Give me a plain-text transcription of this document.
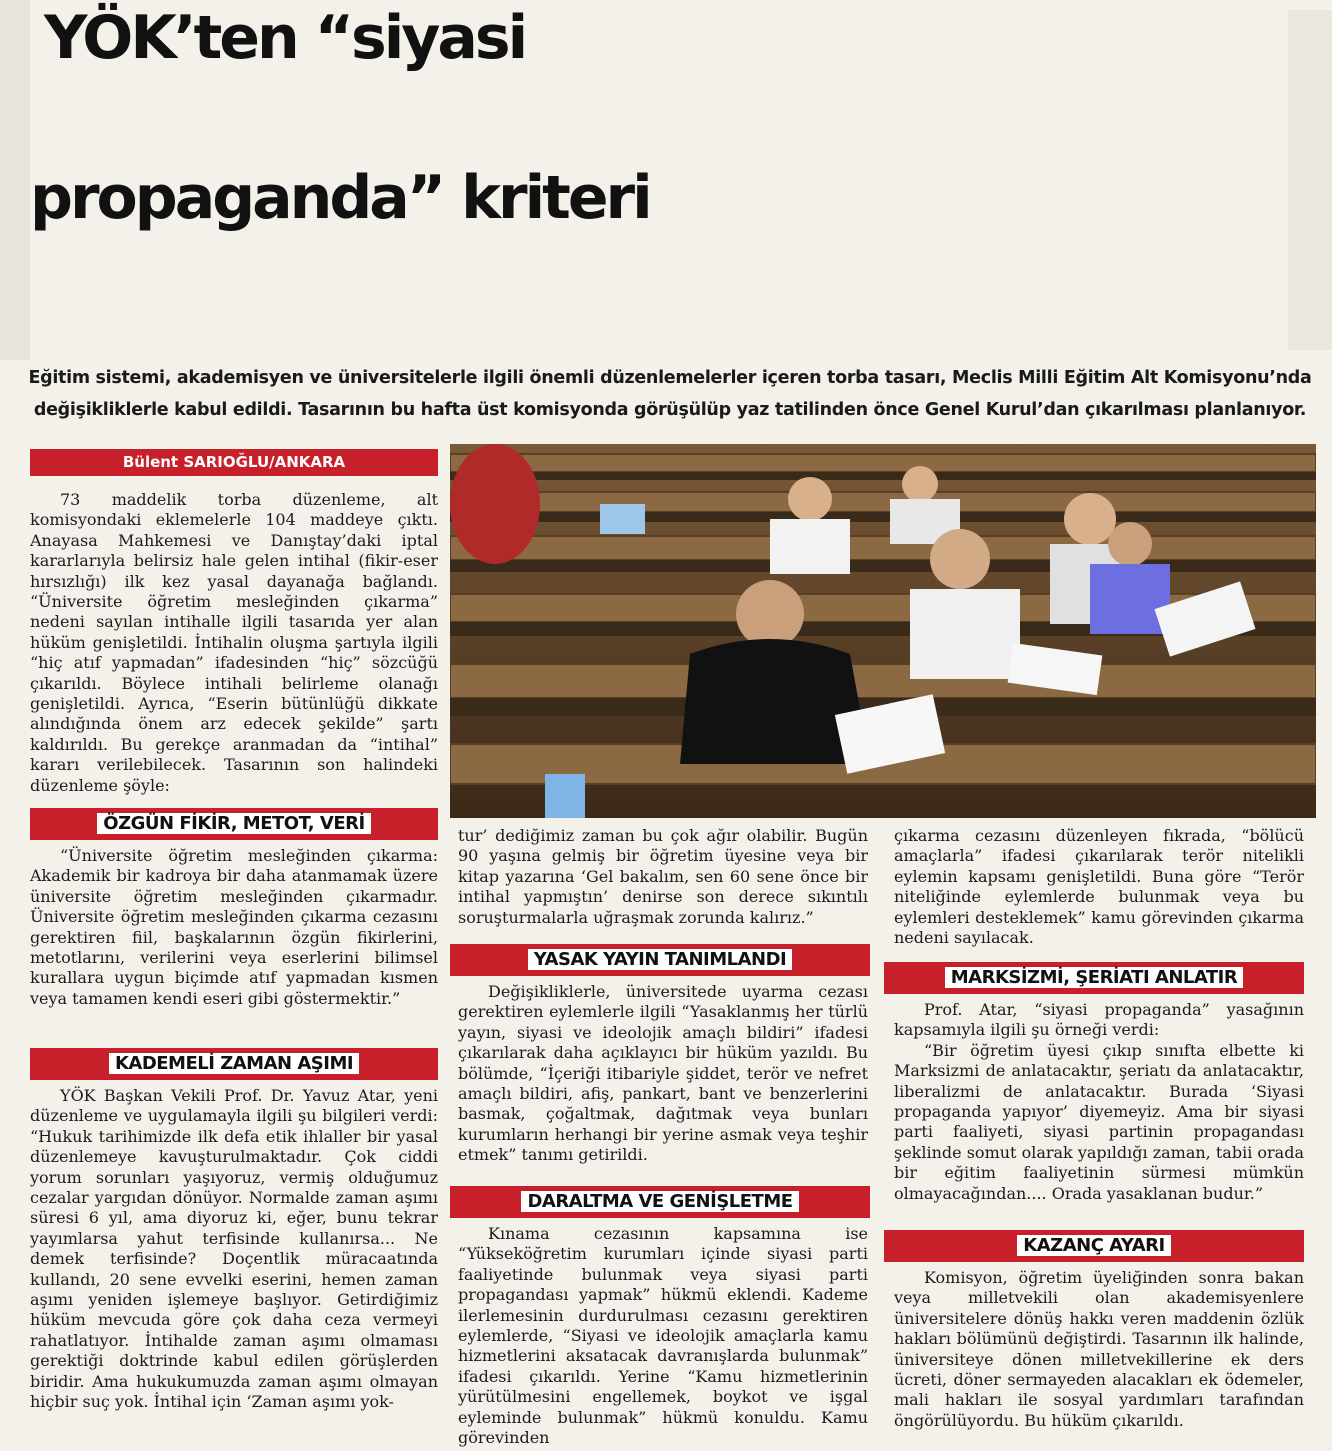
YÖK’ten “siyasi
propaganda” kriteri
Eğitim sistemi, akademisyen ve üniversitelerle ilgili önemli düzenlemelerler içeren torba tasarı, Meclis Milli Eğitim Alt Komisyonu’nda
değişikliklerle kabul edildi. Tasarının bu hafta üst komisyonda görüşülüp yaz tatilinden önce Genel Kurul’dan çıkarılması planlanıyor.
Bülent SARIOĞLU/ANKARA

73 maddelik torba düzenleme, alt komisyondaki eklemelerle 104 maddeye çıktı. Anayasa Mahkemesi ve Danıştay’daki iptal kararlarıyla belirsiz hale gelen intihal (fikir-eser hırsızlığı) ilk kez yasal dayanağa bağlandı. “Üniversite öğretim mesleğinden çıkarma” nedeni sayılan intihalle ilgili tasarıda yer alan hüküm genişletildi. İntihalin oluşma şartıyla ilgili “hiç atıf yapmadan” ifadesinden “hiç” sözcüğü çıkarıldı. Böylece intihali belirleme olanağı genişletildi. Ayrıca, “Eserin bütünlüğü dikkate alındığında önem arz edecek şekilde” şartı kaldırıldı. Bu gerekçe aranmadan da “intihal” kararı verilebilecek. Tasarının son halindeki düzenleme şöyle:

ÖZGÜN FİKİR, METOT, VERİ

“Üniversite öğretim mesleğinden çıkarma: Akademik bir kadroya bir daha atanmamak üzere üniversite öğretim mesleğinden çıkarmadır. Üniversite öğretim mesleğinden çıkarma cezasını gerektiren fiil, başkalarının özgün fikirlerini, metotlarını, verilerini veya eserlerini bilimsel kurallara uygun biçimde atıf yapmadan kısmen veya tamamen kendi eseri gibi göstermektir.”

KADEMELİ ZAMAN AŞIMI

YÖK Başkan Vekili Prof. Dr. Yavuz Atar, yeni düzenleme ve uygulamayla ilgili şu bilgileri verdi: “Hukuk tarihimizde ilk defa etik ihlaller bir yasal düzenlemeye kavuşturulmaktadır. Çok ciddi yorum sorunları yaşıyoruz, vermiş olduğumuz cezalar yargıdan dönüyor. Normalde zaman aşımı süresi 6 yıl, ama diyoruz ki, eğer, bunu tekrar yayımlarsa yahut terfisinde kullanırsa... Ne demek terfisinde? Doçentlik müracaatında kullandı, 20 sene evvelki eserini, hemen zaman aşımı yeniden işlemeye başlıyor. Getirdiğimiz hüküm mevcuda göre çok daha ceza vermeyi rahatlatıyor. İntihalde zaman aşımı olmaması gerektiği doktrinde kabul edilen görüşlerden biridir. Ama hukukumuzda zaman aşımı olmayan hiçbir suç yok. İntihal için ‘Zaman aşımı yok-

tur’ dediğimiz zaman bu çok ağır olabilir. Bugün 90 yaşına gelmiş bir öğretim üyesine veya bir kitap yazarına ‘Gel bakalım, sen 60 sene önce bir intihal yapmıştın’ denirse son derece sıkıntılı soruşturmalarla uğraşmak zorunda kalırız.”

YASAK YAYIN TANIMLANDI

Değişikliklerle, üniversitede uyarma cezası gerektiren eylemlerle ilgili “Yasaklanmış her türlü yayın, siyasi ve ideolojik amaçlı bildiri” ifadesi çıkarılarak daha açıklayıcı bir hüküm yazıldı. Bu bölümde, “İçeriği itibariyle şiddet, terör ve nefret amaçlı bildiri, afiş, pankart, bant ve benzerlerini basmak, çoğaltmak, dağıtmak veya bunları kurumların herhangi bir yerine asmak veya teşhir etmek” tanımı getirildi.

DARALTMA VE GENİŞLETME

Kınama cezasının kapsamına ise “Yükseköğretim kurumları içinde siyasi parti faaliyetinde bulunmak veya siyasi parti propagandası yapmak” hükmü eklendi. Kademe ilerlemesinin durdurulması cezasını gerektiren eylemlerde, “Siyasi ve ideolojik amaçlarla kamu hizmetlerini aksatacak davranışlarda bulunmak” ifadesi çıkarıldı. Yerine “Kamu hizmetlerinin yürütülmesini engellemek, boykot ve işgal eyleminde bulunmak” hükmü konuldu. Kamu görevinden

çıkarma cezasını düzenleyen fıkrada, “bölücü amaçlarla” ifadesi çıkarılarak terör nitelikli eylemin kapsamı genişletildi. Buna göre “Terör niteliğinde eylemlerde bulunmak veya bu eylemleri desteklemek” kamu görevinden çıkarma nedeni sayılacak.

MARKSİZMİ, ŞERİATI ANLATIR

Prof. Atar, “siyasi propaganda” yasağının kapsamıyla ilgili şu örneği verdi:

“Bir öğretim üyesi çıkıp sınıfta elbette ki Marksizmi de anlatacaktır, şeriatı da anlatacaktır, liberalizmi de anlatacaktır. Burada ‘Siyasi propaganda yapıyor’ diyemeyiz. Ama bir siyasi parti faaliyeti, siyasi partinin propagandası şeklinde somut olarak yapıldığı zaman, tabii orada bir eğitim faaliyetinin sürmesi mümkün olmayacağından.... Orada yasaklanan budur.”

KAZANÇ AYARI

Komisyon, öğretim üyeliğinden sonra bakan veya milletvekili olan akademisyenlere üniversitelere dönüş hakkı veren maddenin özlük hakları bölümünü değiştirdi. Tasarının ilk halinde, üniversiteye dönen milletvekillerine ek ders ücreti, döner sermayeden alacakları ek ödemeler, mali hakları ile sosyal yardımları tarafından öngörülüyordu. Bu hüküm çıkarıldı.
